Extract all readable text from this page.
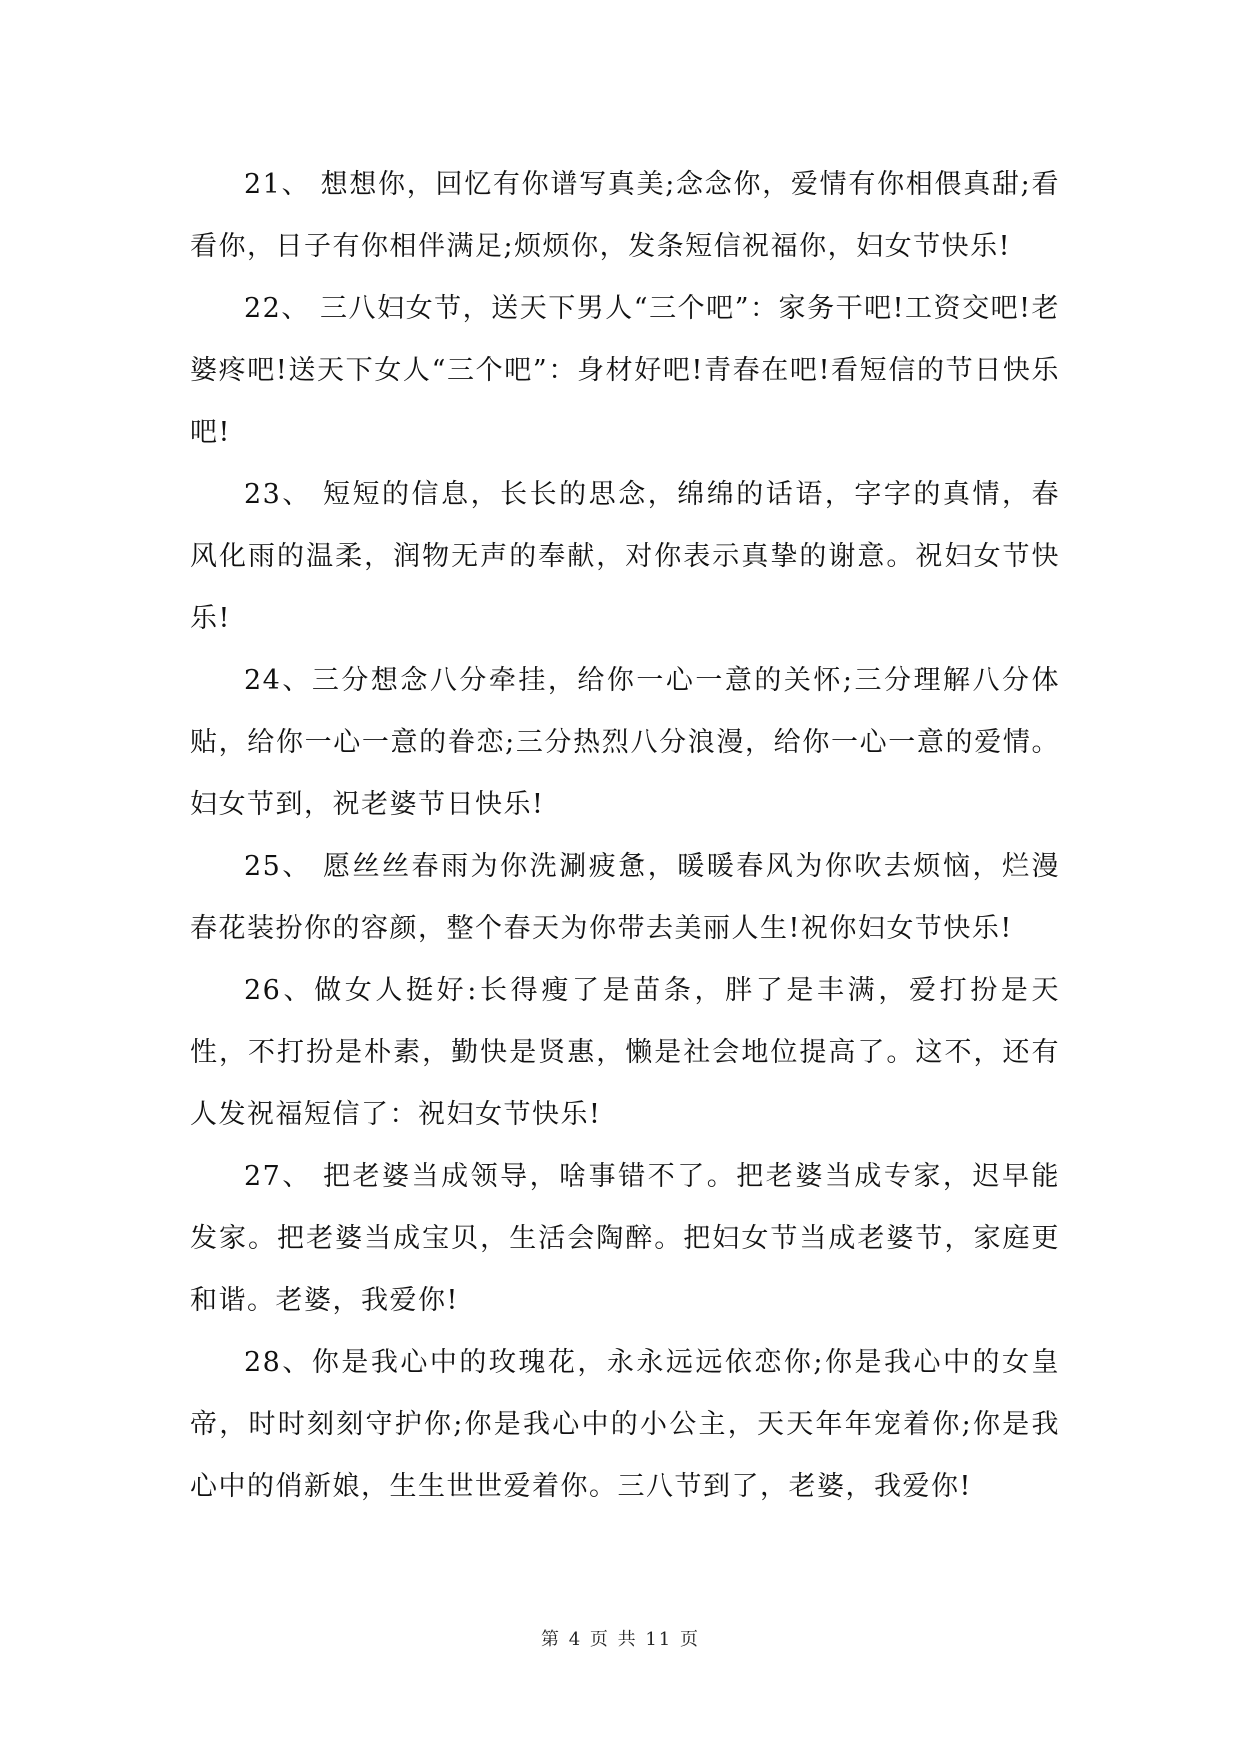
21、 想想你，回忆有你谱写真美;念念你，爱情有你相偎真甜;看看你，日子有你相伴满足;烦烦你，发条短信祝福你，妇女节快乐!

22、 三八妇女节，送天下男人“三个吧”：家务干吧!工资交吧!老婆疼吧!送天下女人“三个吧”：身材好吧!青春在吧!看短信的节日快乐吧!

23、 短短的信息，长长的思念，绵绵的话语，字字的真情，春风化雨的温柔，润物无声的奉献，对你表示真挚的谢意。祝妇女节快乐!

24、三分想念八分牵挂，给你一心一意的关怀;三分理解八分体贴，给你一心一意的眷恋;三分热烈八分浪漫，给你一心一意的爱情。妇女节到，祝老婆节日快乐!

25、 愿丝丝春雨为你洗涮疲惫，暖暖春风为你吹去烦恼，烂漫春花装扮你的容颜，整个春天为你带去美丽人生!祝你妇女节快乐!

26、做女人挺好:长得瘦了是苗条，胖了是丰满，爱打扮是天性，不打扮是朴素，勤快是贤惠，懒是社会地位提高了。这不，还有人发祝福短信了：祝妇女节快乐!

27、 把老婆当成领导，啥事错不了。把老婆当成专家，迟早能发家。把老婆当成宝贝，生活会陶醉。把妇女节当成老婆节，家庭更和谐。老婆，我爱你!

28、你是我心中的玫瑰花，永永远远依恋你;你是我心中的女皇帝，时时刻刻守护你;你是我心中的小公主，天天年年宠着你;你是我心中的俏新娘，生生世世爱着你。三八节到了，老婆，我爱你!

第 4 页 共 11 页
